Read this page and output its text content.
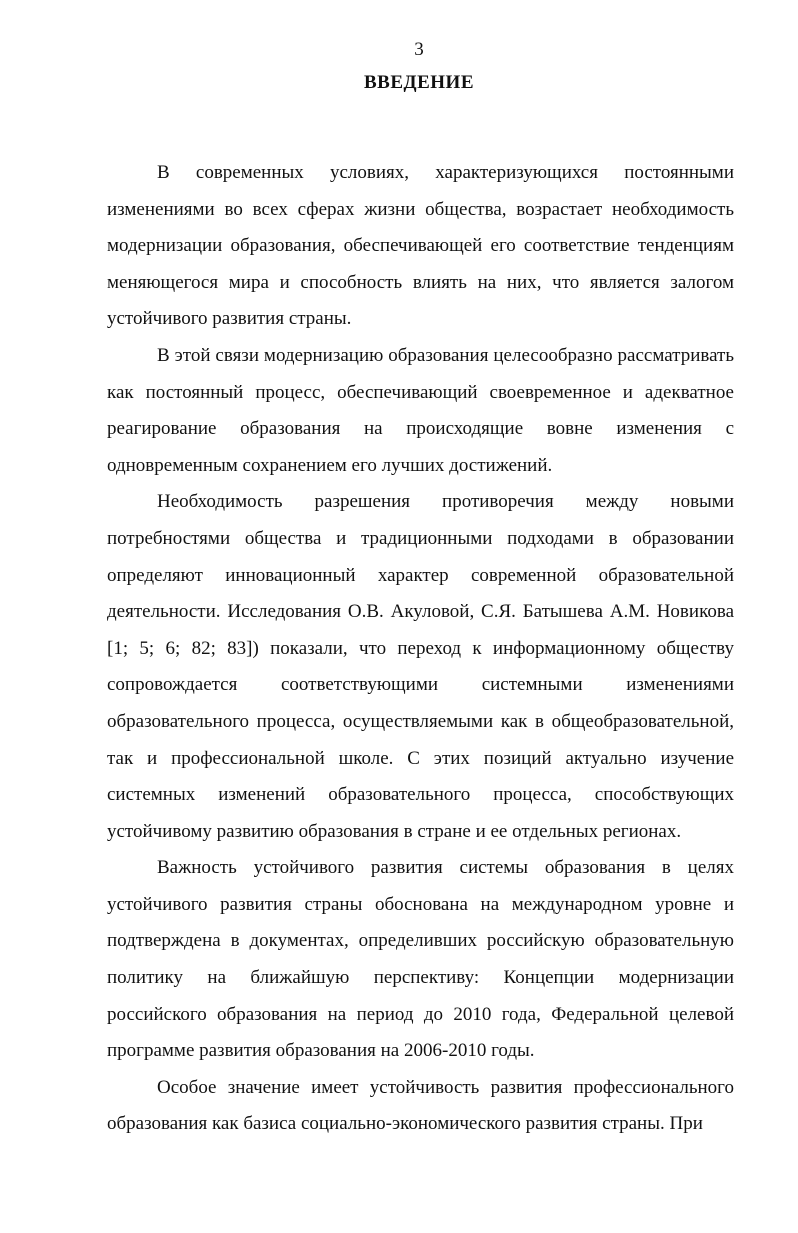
3
ВВЕДЕНИЕ

В современных условиях, характеризующихся постоянными изменениями во всех сферах жизни общества, возрастает необходимость модернизации образования, обеспечивающей его соответствие тенденциям меняющегося мира и способность влиять на них, что является залогом устойчивого развития страны.

В этой связи модернизацию образования целесообразно рассматривать как постоянный процесс, обеспечивающий своевременное и адекватное реагирование образования на происходящие вовне изменения с одновременным сохранением его лучших достижений.

Необходимость разрешения противоречия между новыми потребностями общества и традиционными подходами в образовании определяют инновационный характер современной образовательной деятельности. Исследования О.В. Акуловой, С.Я. Батышева А.М. Новикова [1; 5; 6; 82; 83]) показали, что переход к информационному обществу сопровождается соответствующими системными изменениями образовательного процесса, осуществляемыми как в общеобразовательной, так и профессиональной школе. С этих позиций актуально изучение системных изменений образовательного процесса, способствующих устойчивому развитию образования в стране и ее отдельных регионах.

Важность устойчивого развития системы образования в целях устойчивого развития страны обоснована на международном уровне и подтверждена в документах, определивших российскую образовательную политику на ближайшую перспективу: Концепции модернизации российского образования на период до 2010 года, Федеральной целевой программе развития образования на 2006-2010 годы.

Особое значение имеет устойчивость развития профессионального образования как базиса социально-экономического развития страны. При
